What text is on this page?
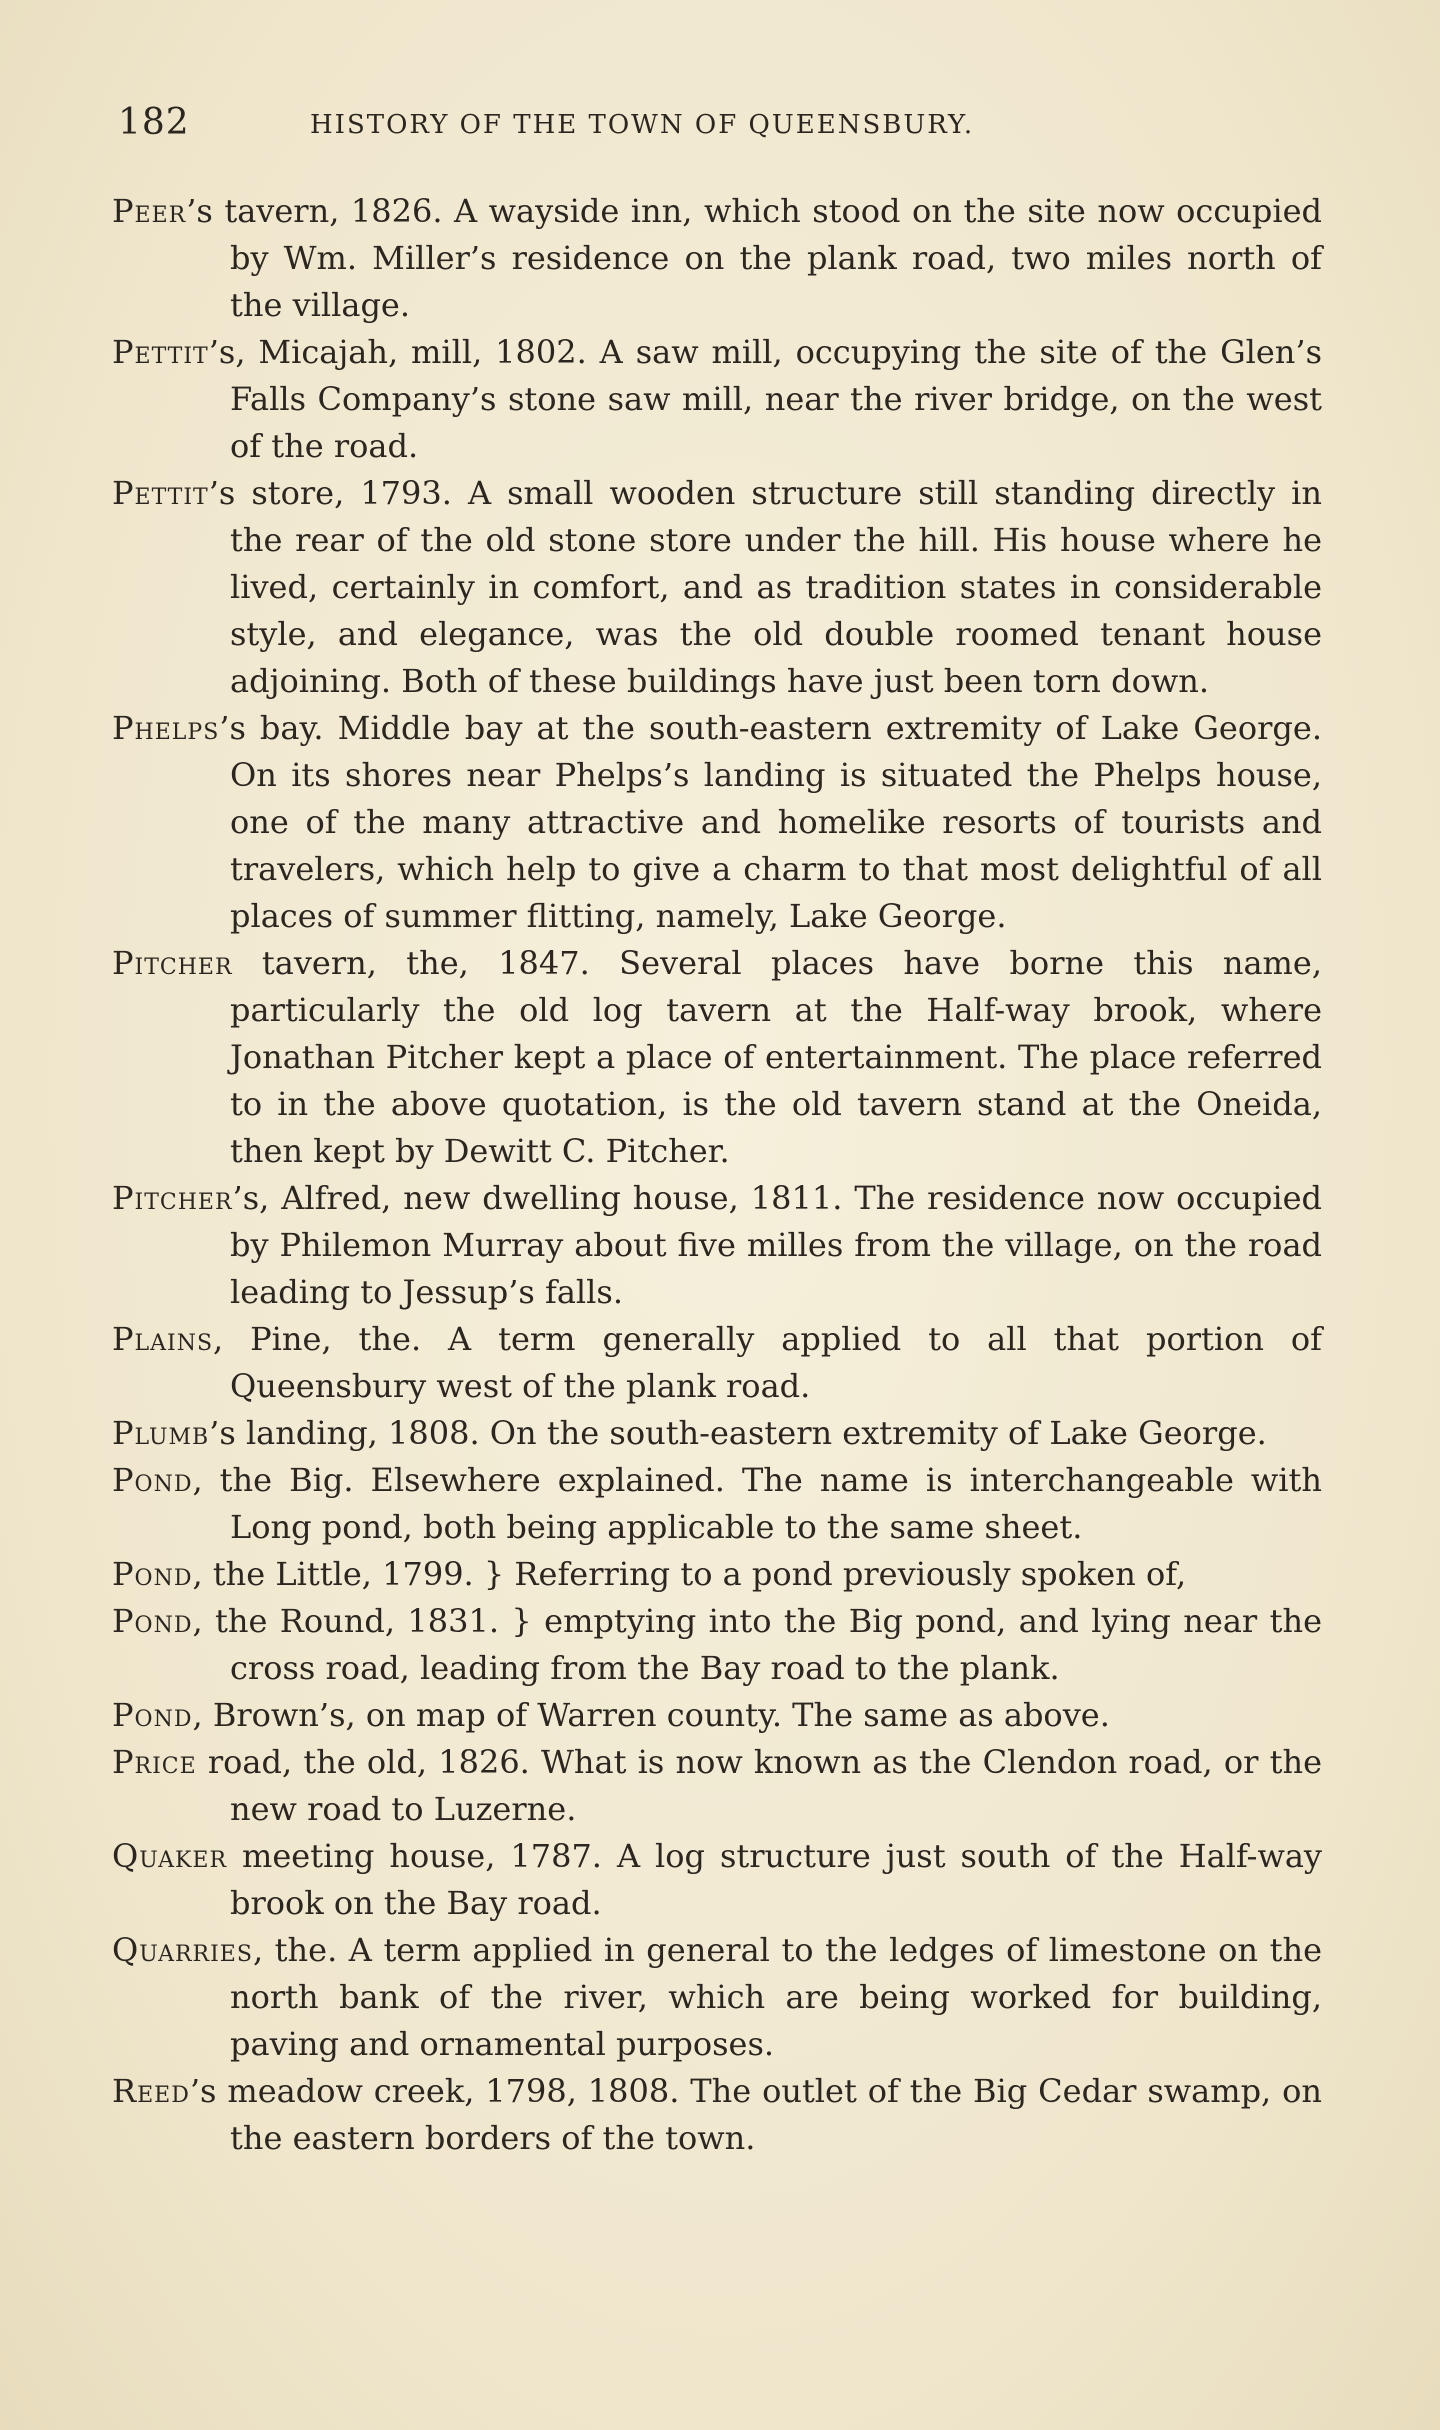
182	HISTORY OF THE TOWN OF QUEENSBURY.

Peer’s tavern, 1826. A wayside inn, which stood on the site now occupied by Wm. Miller’s residence on the plank road, two miles north of the village.

Pettit’s, Micajah, mill, 1802. A saw mill, occupying the site of the Glen’s Falls Company’s stone saw mill, near the river bridge, on the west of the road.

Pettit’s store, 1793. A small wooden structure still standing directly in the rear of the old stone store under the hill. His house where he lived, certainly in comfort, and as tradition states in considerable style, and elegance, was the old double roomed tenant house adjoining. Both of these buildings have just been torn down.

Phelps’s bay. Middle bay at the south-eastern extremity of Lake George. On its shores near Phelps’s landing is situated the Phelps house, one of the many attractive and homelike resorts of tourists and travelers, which help to give a charm to that most delightful of all places of summer flitting, namely, Lake George.

Pitcher tavern, the, 1847. Several places have borne this name, particularly the old log tavern at the Half-way brook, where Jonathan Pitcher kept a place of entertainment. The place referred to in the above quotation, is the old tavern stand at the Oneida, then kept by Dewitt C. Pitcher.

Pitcher’s, Alfred, new dwelling house, 1811. The residence now occupied by Philemon Murray about five milles from the village, on the road leading to Jessup’s falls.

Plains, Pine, the. A term generally applied to all that portion of Queensbury west of the plank road.

Plumb’s landing, 1808. On the south-eastern extremity of Lake George.

Pond, the Big. Elsewhere explained. The name is interchangeable with Long pond, both being applicable to the same sheet.

Pond, the Little, 1799. } Referring to a pond previously spoken of,

Pond, the Round, 1831. } emptying into the Big pond, and lying near the cross road, leading from the Bay road to the plank.

Pond, Brown’s, on map of Warren county. The same as above.

Price road, the old, 1826. What is now known as the Clendon road, or the new road to Luzerne.

Quaker meeting house, 1787. A log structure just south of the Half-way brook on the Bay road.

Quarries, the. A term applied in general to the ledges of limestone on the north bank of the river, which are being worked for building, paving and ornamental purposes.

Reed’s meadow creek, 1798, 1808. The outlet of the Big Cedar swamp, on the eastern borders of the town.
